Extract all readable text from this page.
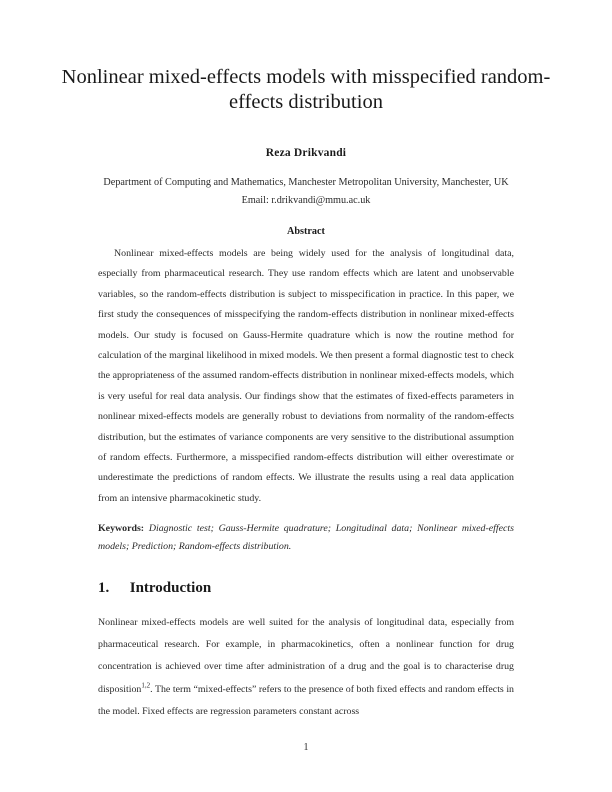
Nonlinear mixed-effects models with misspecified random-effects distribution
Reza Drikvandi
Department of Computing and Mathematics, Manchester Metropolitan University, Manchester, UK
Email: r.drikvandi@mmu.ac.uk
Abstract

Nonlinear mixed-effects models are being widely used for the analysis of longitudinal data, especially from pharmaceutical research. They use random effects which are latent and unobservable variables, so the random-effects distribution is subject to misspecification in practice. In this paper, we first study the consequences of misspecifying the random-effects distribution in nonlinear mixed-effects models. Our study is focused on Gauss-Hermite quadrature which is now the routine method for calculation of the marginal likelihood in mixed models. We then present a formal diagnostic test to check the appropriateness of the assumed random-effects distribution in nonlinear mixed-effects models, which is very useful for real data analysis. Our findings show that the estimates of fixed-effects parameters in nonlinear mixed-effects models are generally robust to deviations from normality of the random-effects distribution, but the estimates of variance components are very sensitive to the distributional assumption of random effects. Furthermore, a misspecified random-effects distribution will either overestimate or underestimate the predictions of random effects. We illustrate the results using a real data application from an intensive pharmacokinetic study.

Keywords: Diagnostic test; Gauss-Hermite quadrature; Longitudinal data; Nonlinear mixed-effects models; Prediction; Random-effects distribution.
1. Introduction

Nonlinear mixed-effects models are well suited for the analysis of longitudinal data, especially from pharmaceutical research. For example, in pharmacokinetics, often a nonlinear function for drug concentration is achieved over time after administration of a drug and the goal is to characterise drug disposition$^{1,2}$. The term “mixed-effects” refers to the presence of both fixed effects and random effects in the model. Fixed effects are regression parameters constant across

1
